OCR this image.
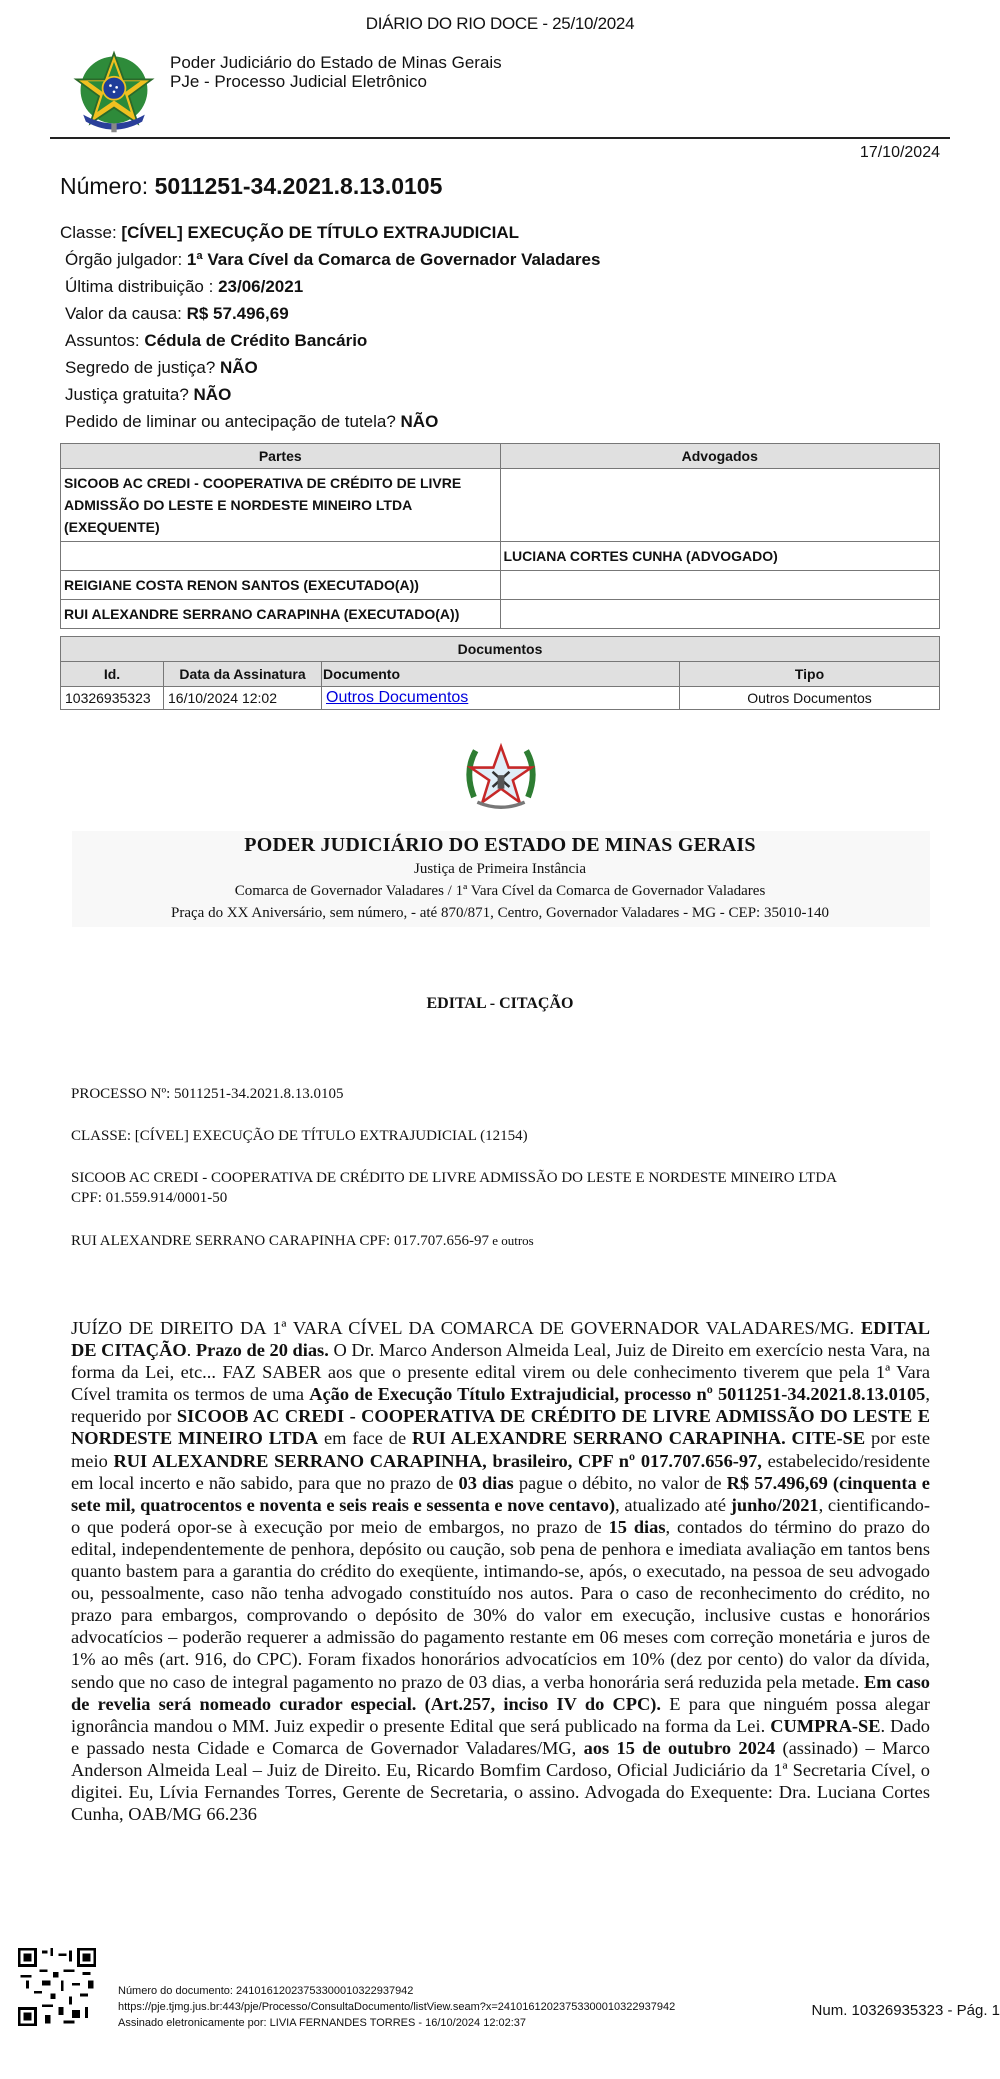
DIÁRIO DO RIO DOCE - 25/10/2024
Poder Judiciário do Estado de Minas Gerais
PJe - Processo Judicial Eletrônico
17/10/2024
Número: 5011251-34.2021.8.13.0105
Classe: [CÍVEL] EXECUÇÃO DE TÍTULO EXTRAJUDICIAL
Órgão julgador: 1ª Vara Cível da Comarca de Governador Valadares
Última distribuição : 23/06/2021
Valor da causa: R$ 57.496,69
Assuntos: Cédula de Crédito Bancário
Segredo de justiça? NÃO
Justiça gratuita? NÃO
Pedido de liminar ou antecipação de tutela? NÃO
Partes	Advogados
SICOOB AC CREDI - COOPERATIVA DE CRÉDITO DE LIVRE ADMISSÃO DO LESTE E NORDESTE MINEIRO LTDA (EXEQUENTE)	
	LUCIANA CORTES CUNHA (ADVOGADO)
REIGIANE COSTA RENON SANTOS (EXECUTADO(A))	
RUI ALEXANDRE SERRANO CARAPINHA (EXECUTADO(A))	
Documentos			
Id.	Data da Assinatura	Documento	Tipo
10326935323	16/10/2024 12:02	Outros Documentos	Outros Documentos
PODER JUDICIÁRIO DO ESTADO DE MINAS GERAIS
Justiça de Primeira Instância
Comarca de Governador Valadares / 1ª Vara Cível da Comarca de Governador Valadares
Praça do XX Aniversário, sem número, - até 870/871, Centro, Governador Valadares - MG - CEP: 35010-140
EDITAL - CITAÇÃO
PROCESSO Nº: 5011251-34.2021.8.13.0105
CLASSE: [CÍVEL] EXECUÇÃO DE TÍTULO EXTRAJUDICIAL (12154)
SICOOB AC CREDI - COOPERATIVA DE CRÉDITO DE LIVRE ADMISSÃO DO LESTE E NORDESTE MINEIRO LTDA
CPF: 01.559.914/0001-50
RUI ALEXANDRE SERRANO CARAPINHA CPF: 017.707.656-97 e outros
JUÍZO DE DIREITO DA 1ª VARA CÍVEL DA COMARCA DE GOVERNADOR VALADARES/MG. EDITAL DE CITAÇÃO. Prazo de 20 dias. O Dr. Marco Anderson Almeida Leal, Juiz de Direito em exercício nesta Vara, na forma da Lei, etc... FAZ SABER aos que o presente edital virem ou dele conhecimento tiverem que pela 1ª Vara Cível tramita os termos de uma Ação de Execução Título Extrajudicial, processo nº 5011251-34.2021.8.13.0105, requerido por SICOOB AC CREDI - COOPERATIVA DE CRÉDITO DE LIVRE ADMISSÃO DO LESTE E NORDESTE MINEIRO LTDA em face de RUI ALEXANDRE SERRANO CARAPINHA. CITE-SE por este meio RUI ALEXANDRE SERRANO CARAPINHA, brasileiro, CPF nº 017.707.656-97, estabelecido/residente em local incerto e não sabido, para que no prazo de 03 dias pague o débito, no valor de R$ 57.496,69 (cinquenta e sete mil, quatrocentos e noventa e seis reais e sessenta e nove centavo), atualizado até junho/2021, cientificando-o que poderá opor-se à execução por meio de embargos, no prazo de 15 dias, contados do término do prazo do edital, independentemente de penhora, depósito ou caução, sob pena de penhora e imediata avaliação em tantos bens quanto bastem para a garantia do crédito do exeqüente, intimando-se, após, o executado, na pessoa de seu advogado ou, pessoalmente, caso não tenha advogado constituído nos autos. Para o caso de reconhecimento do crédito, no prazo para embargos, comprovando o depósito de 30% do valor em execução, inclusive custas e honorários advocatícios – poderão requerer a admissão do pagamento restante em 06 meses com correção monetária e juros de 1% ao mês (art. 916, do CPC). Foram fixados honorários advocatícios em 10% (dez por cento) do valor da dívida, sendo que no caso de integral pagamento no prazo de 03 dias, a verba honorária será reduzida pela metade. Em caso de revelia será nomeado curador especial. (Art.257, inciso IV do CPC). E para que ninguém possa alegar ignorância mandou o MM. Juiz expedir o presente Edital que será publicado na forma da Lei. CUMPRA-SE. Dado e passado nesta Cidade e Comarca de Governador Valadares/MG, aos 15 de outubro 2024 (assinado) – Marco Anderson Almeida Leal – Juiz de Direito. Eu, Ricardo Bomfim Cardoso, Oficial Judiciário da 1ª Secretaria Cível, o digitei. Eu, Lívia Fernandes Torres, Gerente de Secretaria, o assino. Advogada do Exequente: Dra. Luciana Cortes Cunha, OAB/MG 66.236
Número do documento: 24101612023753300010322937942
https://pje.tjmg.jus.br:443/pje/Processo/ConsultaDocumento/listView.seam?x=24101612023753300010322937942
Assinado eletronicamente por: LIVIA FERNANDES TORRES - 16/10/2024 12:02:37
Num. 10326935323 - Pág. 1
